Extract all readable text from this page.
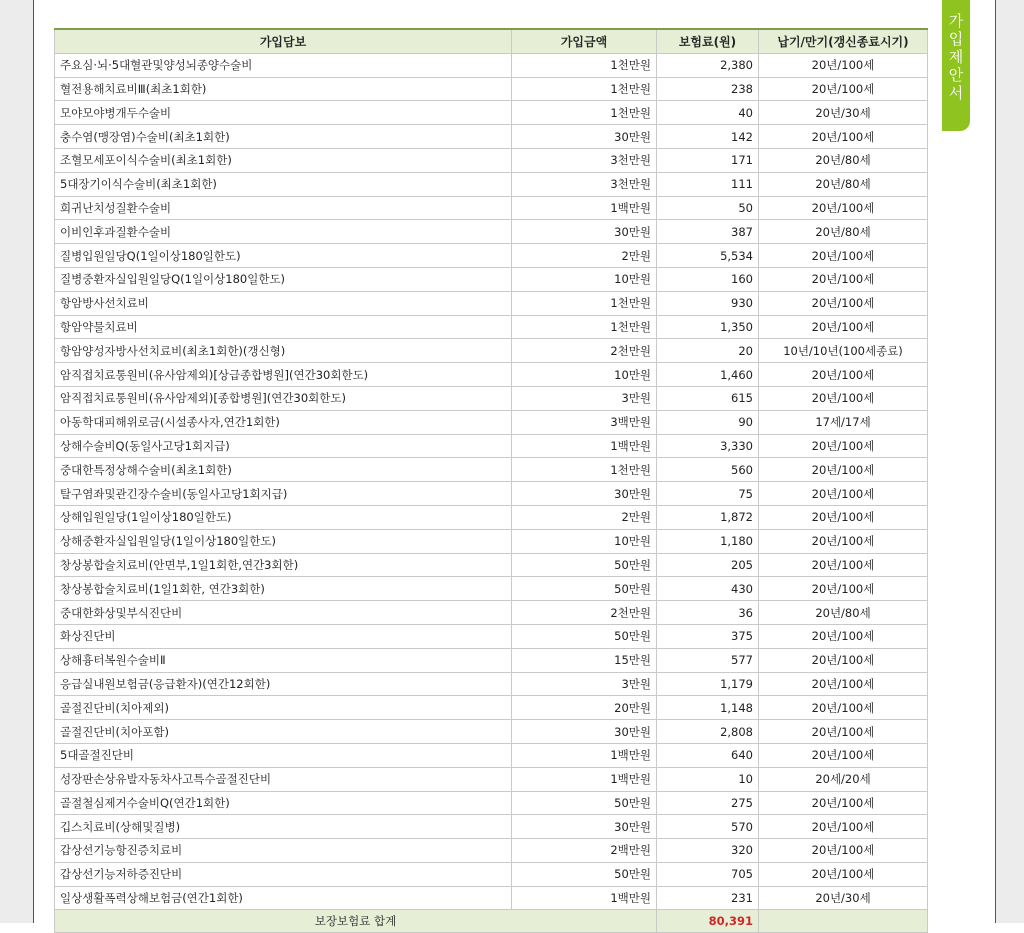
가
입
제
안
서
가입담보	가입금액	보험료(원)	납기/만기(갱신종료시기)
주요심·뇌·5대혈관및양성뇌종양수술비	1천만원	2,380	20년/100세
혈전용해치료비Ⅲ(최초1회한)	1천만원	238	20년/100세
모야모야병개두수술비	1천만원	40	20년/30세
충수염(맹장염)수술비(최초1회한)	30만원	142	20년/100세
조혈모세포이식수술비(최초1회한)	3천만원	171	20년/80세
5대장기이식수술비(최초1회한)	3천만원	111	20년/80세
희귀난치성질환수술비	1백만원	50	20년/100세
이비인후과질환수술비	30만원	387	20년/80세
질병입원일당Q(1일이상180일한도)	2만원	5,534	20년/100세
질병중환자실입원일당Q(1일이상180일한도)	10만원	160	20년/100세
항암방사선치료비	1천만원	930	20년/100세
항암약물치료비	1천만원	1,350	20년/100세
항암양성자방사선치료비(최초1회한)(갱신형)	2천만원	20	10년/10년(100세종료)
암직접치료통원비(유사암제외)[상급종합병원](연간30회한도)	10만원	1,460	20년/100세
암직접치료통원비(유사암제외)[종합병원](연간30회한도)	3만원	615	20년/100세
아동학대피해위로금(시설종사자,연간1회한)	3백만원	90	17세/17세
상해수술비Q(동일사고당1회지급)	1백만원	3,330	20년/100세
중대한특정상해수술비(최초1회한)	1천만원	560	20년/100세
탈구염좌및관긴장수술비(동일사고당1회지급)	30만원	75	20년/100세
상해입원일당(1일이상180일한도)	2만원	1,872	20년/100세
상해중환자실입원일당(1일이상180일한도)	10만원	1,180	20년/100세
창상봉합술치료비(안면부,1일1회한,연간3회한)	50만원	205	20년/100세
창상봉합술치료비(1일1회한, 연간3회한)	50만원	430	20년/100세
중대한화상및부식진단비	2천만원	36	20년/80세
화상진단비	50만원	375	20년/100세
상해흉터복원수술비Ⅱ	15만원	577	20년/100세
응급실내원보험금(응급환자)(연간12회한)	3만원	1,179	20년/100세
골절진단비(치아제외)	20만원	1,148	20년/100세
골절진단비(치아포함)	30만원	2,808	20년/100세
5대골절진단비	1백만원	640	20년/100세
성장판손상유발자동차사고특수골절진단비	1백만원	10	20세/20세
골절철심제거수술비Q(연간1회한)	50만원	275	20년/100세
깁스치료비(상해및질병)	30만원	570	20년/100세
갑상선기능항진증치료비	2백만원	320	20년/100세
갑상선기능저하증진단비	50만원	705	20년/100세
일상생활폭력상해보험금(연간1회한)	1백만원	231	20년/30세
보장보험료 합계		80,391	
